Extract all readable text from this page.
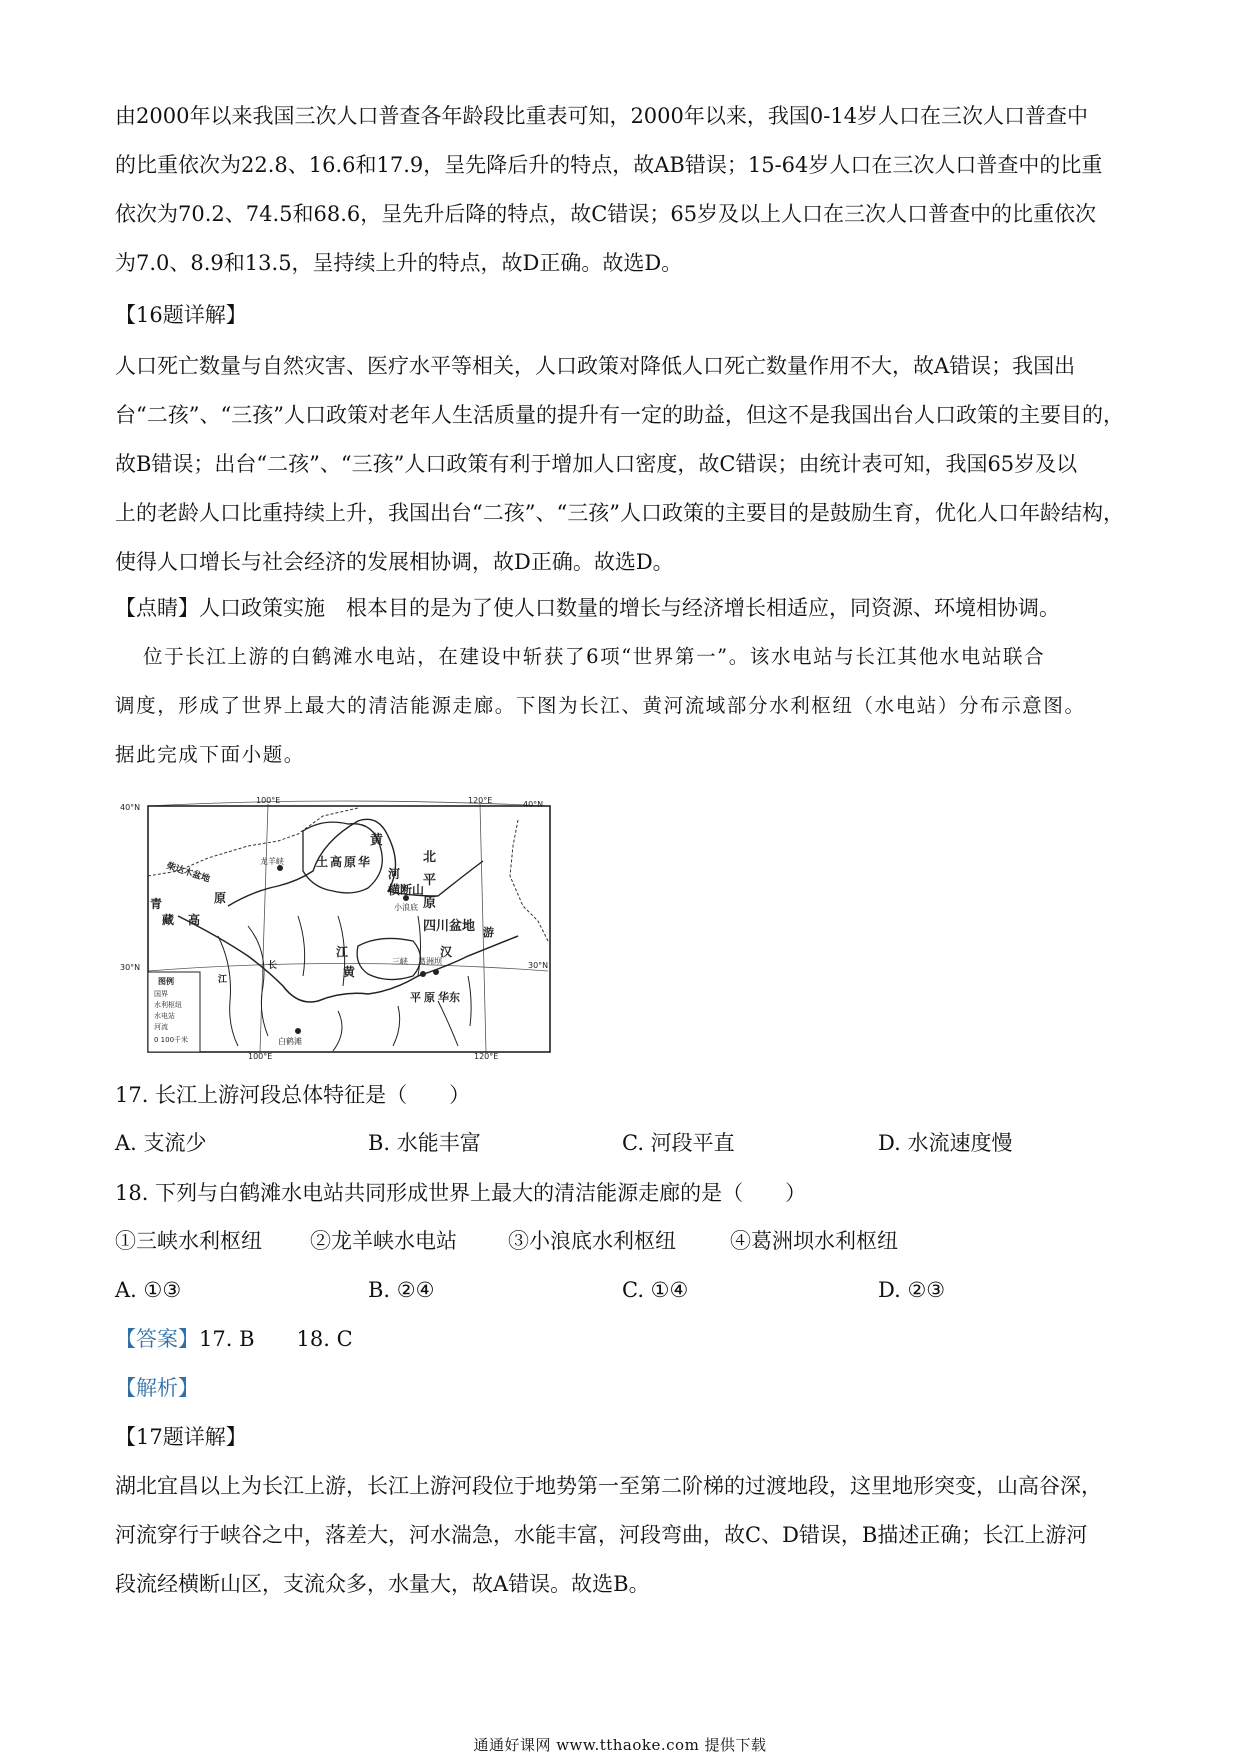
由2000年以来我国三次人口普查各年龄段比重表可知，2000年以来，我国0-14岁人口在三次人口普查中
的比重依次为22.8、16.6和17.9，呈先降后升的特点，故AB错误；15-64岁人口在三次人口普查中的比重
依次为70.2、74.5和68.6，呈先升后降的特点，故C错误；65岁及以上人口在三次人口普查中的比重依次
为7.0、8.9和13.5，呈持续上升的特点，故D正确。故选D。
【16题详解】
人口死亡数量与自然灾害、医疗水平等相关，人口政策对降低人口死亡数量作用不大，故A错误；我国出
台“二孩”、“三孩”人口政策对老年人生活质量的提升有一定的助益，但这不是我国出台人口政策的主要目的，
故B错误；出台“二孩”、“三孩”人口政策有利于增加人口密度，故C错误；由统计表可知，我国65岁及以
上的老龄人口比重持续上升，我国出台“二孩”、“三孩”人口政策的主要目的是鼓励生育，优化人口年龄结构，
使得人口增长与社会经济的发展相协调，故D正确。故选D。
【点睛】人口政策实施　根本目的是为了使人口数量的增长与经济增长相适应，同资源、环境相协调。
位于长江上游的白鹤滩水电站，在建设中斩获了6项“世界第一”。该水电站与长江其他水电站联合
调度，形成了世界上最大的清洁能源走廊。下图为长江、黄河流域部分水利枢纽（水电站）分布示意图。
据此完成下面小题。
100°E	120°E
100°E	120°E
40°N	40°N
30°N	30°N
柴达木盆地
青
藏 高
原
黄
土 高 原 华	北
平
原
四川盆地
长
江
黄
河
横断山
江
汉
平 原 华东
游
龙羊峡
小浪底
三峡 葛洲坝
白鹤滩
图例
国界
水利枢纽
水电站
河流
0 100千米
17. 长江上游河段总体特征是（　　）
A. 支流少	B. 水能丰富	C. 河段平直	D. 水流速度慢
18. 下列与白鹤滩水电站共同形成世界上最大的清洁能源走廊的是（　　）
①三峡水利枢纽 ②龙羊峡水电站 ③小浪底水利枢纽	④葛洲坝水利枢纽
A. ①③	B. ②④	C. ①④	D. ②③
【答案】17. B　　18. C
【解析】
【17题详解】
湖北宜昌以上为长江上游，长江上游河段位于地势第一至第二阶梯的过渡地段，这里地形突变，山高谷深，
河流穿行于峡谷之中，落差大，河水湍急，水能丰富，河段弯曲，故C、D错误，B描述正确；长江上游河
段流经横断山区，支流众多，水量大，故A错误。故选B。
通通好课网 www.tthaoke.com 提供下载
